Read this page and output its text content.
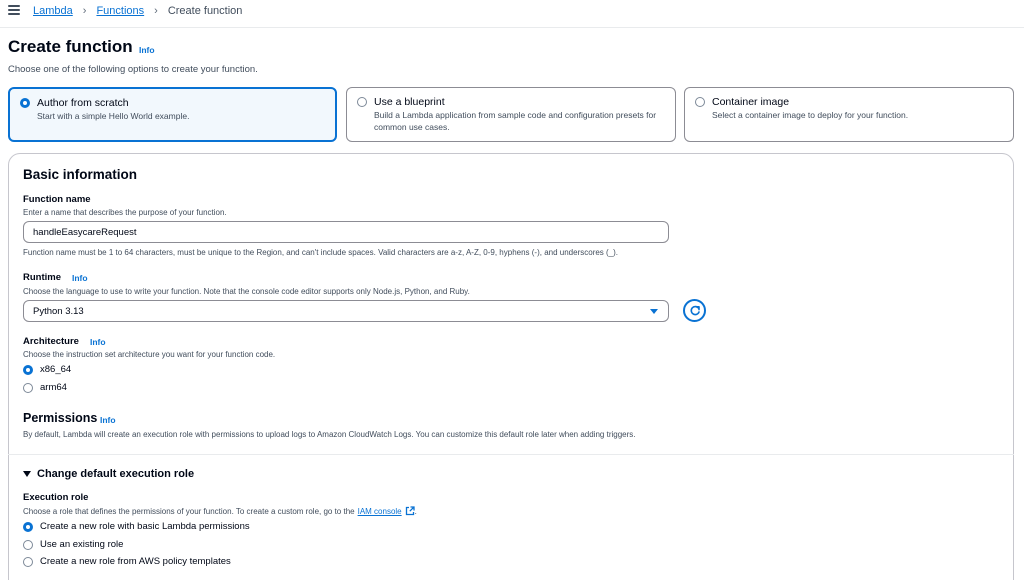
Lambda › Functions › Create function
Create function Info
Choose one of the following options to create your function.
Author from scratch
Start with a simple Hello World example.
Use a blueprint
Build a Lambda application from sample code and configuration presets for common use cases.
Container image
Select a container image to deploy for your function.
Basic information
Function name
Enter a name that describes the purpose of your function.
handleEasycareRequest
Function name must be 1 to 64 characters, must be unique to the Region, and can't include spaces. Valid characters are a-z, A-Z, 0-9, hyphens (-), and underscores (_).
Runtime Info
Choose the language to use to write your function. Note that the console code editor supports only Node.js, Python, and Ruby.
Python 3.13
Architecture Info
Choose the instruction set architecture you want for your function code.
x86_64
arm64
Permissions Info
By default, Lambda will create an execution role with permissions to upload logs to Amazon CloudWatch Logs. You can customize this default role later when adding triggers.
Change default execution role
Execution role
Choose a role that defines the permissions of your function. To create a custom role, go to the IAM console .
Create a new role with basic Lambda permissions
Use an existing role
Create a new role from AWS policy templates
